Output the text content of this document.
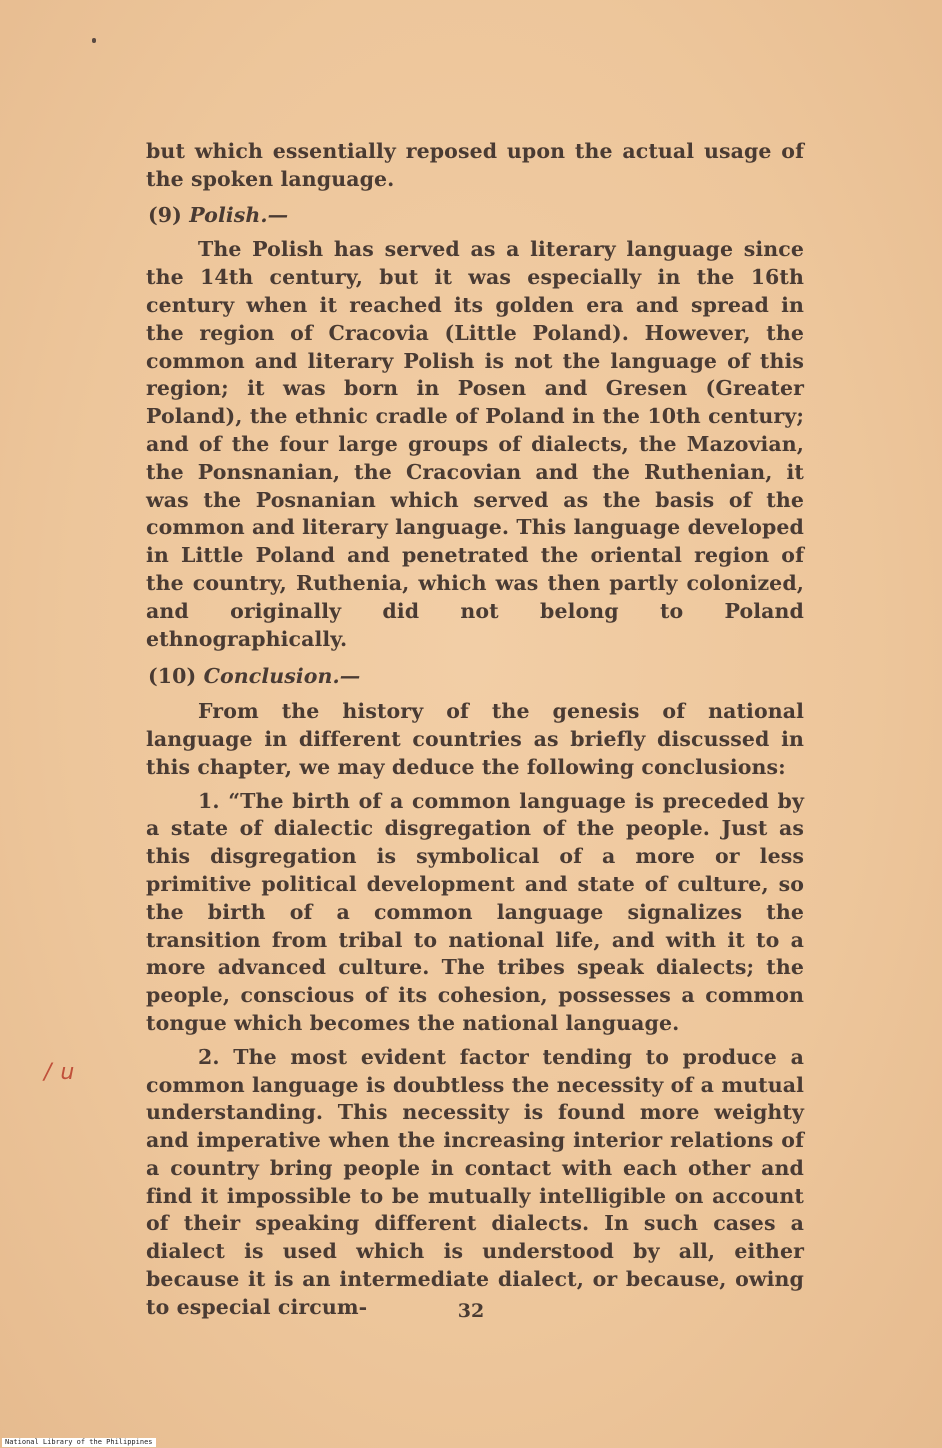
but which essentially reposed upon the actual usage of the spoken language.

(9) Polish.—

The Polish has served as a literary language since the 14th century, but it was especially in the 16th century when it reached its golden era and spread in the region of Cracovia (Little Poland). However, the common and literary Polish is not the language of this region; it was born in Posen and Gresen (Greater Poland), the ethnic cradle of Poland in the 10th century; and of the four large groups of dialects, the Mazovian, the Ponsnanian, the Cracovian and the Ruthenian, it was the Posnanian which served as the basis of the common and literary language. This language developed in Little Poland and penetrated the oriental region of the country, Ruthenia, which was then partly colonized, and originally did not belong to Poland ethnographically.

(10) Conclusion.—

From the history of the genesis of national language in different countries as briefly discussed in this chapter, we may deduce the following conclusions:

1. “The birth of a common language is preceded by a state of dialectic disgregation of the people. Just as this disgregation is symbolical of a more or less primitive political development and state of culture, so the birth of a common language signalizes the transition from tribal to national life, and with it to a more advanced culture. The tribes speak dialects; the people, conscious of its cohesion, possesses a common tongue which becomes the national language.

2. The most evident factor tending to produce a common language is doubtless the necessity of a mutual understanding. This necessity is found more weighty and imperative when the increasing interior relations of a country bring people in contact with each other and find it impossible to be mutually intelligible on account of their speaking different dialects. In such cases a dialect is used which is understood by all, either because it is an intermediate dialect, or because, owing to especial circum-

/ u
32
National Library of the Philippines
